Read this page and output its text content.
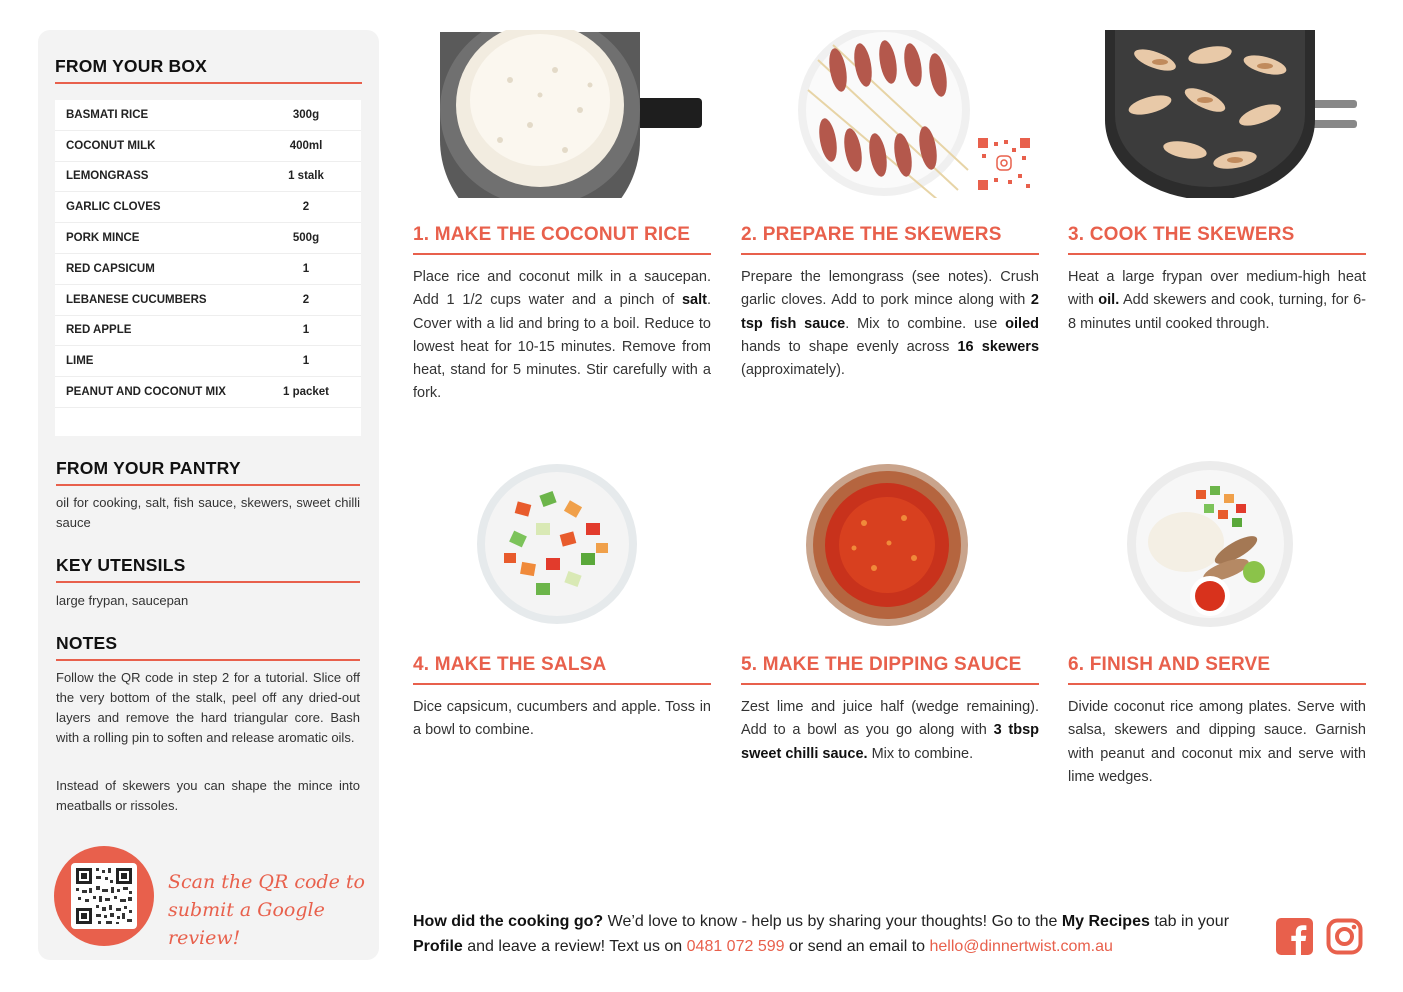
FROM YOUR BOX
BASMATI RICE	300g
COCONUT MILK	400ml
LEMONGRASS	1 stalk
GARLIC CLOVES	2
PORK MINCE	500g
RED CAPSICUM	1
LEBANESE CUCUMBERS	2
RED APPLE	1
LIME	1
PEANUT AND COCONUT MIX	1 packet
FROM YOUR PANTRY
oil for cooking, salt, fish sauce, skewers, sweet chilli sauce
KEY UTENSILS
large frypan, saucepan
NOTES
Follow the QR code in step 2 for a tutorial. Slice off the very bottom of the stalk, peel off any dried-out layers and remove the hard triangular core. Bash with a rolling pin to soften and release aromatic oils.
Instead of skewers you can shape the mince into meatballs or rissoles.
Scan the QR code to
submit a Google review!
1. MAKE THE COCONUT RICE
Place rice and coconut milk in a saucepan. Add 1 1/2 cups water and a pinch of salt. Cover with a lid and bring to a boil. Reduce to lowest heat for 10-15 minutes. Remove from heat, stand for 5 minutes. Stir carefully with a fork.
2. PREPARE THE SKEWERS
Prepare the lemongrass (see notes). Crush garlic cloves. Add to pork mince along with 2 tsp fish sauce. Mix to combine. use oiled hands to shape evenly across 16 skewers (approximately).
3. COOK THE SKEWERS
Heat a large frypan over medium-high heat with oil. Add skewers and cook, turning, for 6-8 minutes until cooked through.
4. MAKE THE SALSA
Dice capsicum, cucumbers and apple. Toss in a bowl to combine.
5. MAKE THE DIPPING SAUCE
Zest lime and juice half (wedge remaining). Add to a bowl as you go along with 3 tbsp sweet chilli sauce. Mix to combine.
6. FINISH AND SERVE
Divide coconut rice among plates. Serve with salsa, skewers and dipping sauce. Garnish with peanut and coconut mix and serve with lime wedges.
How did the cooking go? We’d love to know - help us by sharing your thoughts! Go to the My Recipes tab in your Profile and leave a review! Text us on 0481 072 599 or send an email to hello@dinnertwist.com.au
